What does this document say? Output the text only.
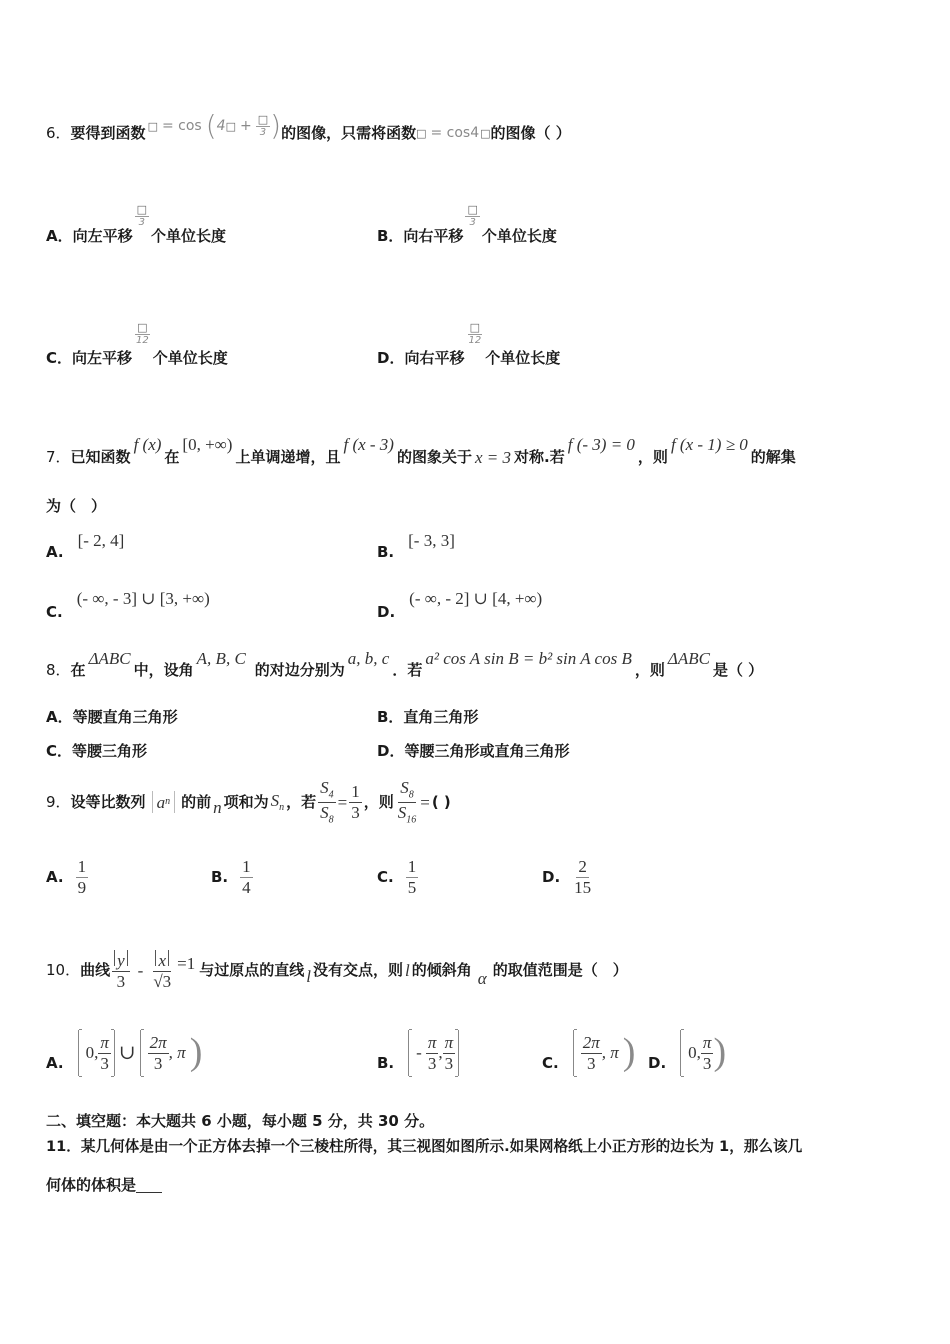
6． 要得到函数 □ = cos ( 4 □ + $\frac{□}{3}$ ) 的图像，只需将函数 □ = cos4 □ 的图像（ ）
A．向左平移
$\frac{□}{3}$
个单位长度	B．向右平移
$\frac{□}{3}$
个单位长度
C．向左平移
$\frac{□}{12}$
个单位长度	D．向右平移
$\frac{□}{12}$
个单位长度
7． 已知函数
f (x)
在
[0, +∞)
上单调递增，且
f (x - 3)
的图象关于 x = 3 对称.若
f (- 3) = 0
，则
f (x - 1) ≥ 0
的解集
为（　）
A.
[- 2, 4]
B.
[- 3, 3]
C.
(- ∞, - 3] ∪ [3, +∞)
D.
(- ∞, - 2] ∪ [4, +∞)
8． 在
ΔABC
中，设角
A, B, C
的对边分别为
a, b, c
．若
a² cos A sin B = b² sin A cos B
，则
ΔABC
是（ ）
A．等腰直角三角形	B．直角三角形
C．等腰三角形	D．等腰三角形或直角三角形
9． 设等比数列 a n 的前 n 项和为 $S_n$ ，若 $\frac{S_4}{S_8} = \frac{1}{3}$ ，则 $\frac{S_8}{S_{16}}$ = ( )
A. $\frac{1}{9}$	B. $\frac{1}{4}$	C. $\frac{1}{5}$	D. $\frac{2}{15}$
10． 曲线 $\frac{y}{3} - \frac{x}{√3} =1$ 与过原点的直线 l 没有交点，则 l 的倾斜角 α 的取值范围是（　）
A.
0, $\frac{\pi}{3}$ ∪ $\frac{2\pi}{3}$ , π )	B.
- $\frac{\pi}{3}$ , $\frac{\pi}{3}$	C. $\frac{2\pi}{3}$ , π ) D.
0, $\frac{\pi}{3}$ )
二、填空题：本大题共 6 小题，每小题 5 分，共 30 分。
11．某几何体是由一个正方体去掉一个三棱柱所得，其三视图如图所示.如果网格纸上小正方形的边长为 1，那么该几
何体的体积是
